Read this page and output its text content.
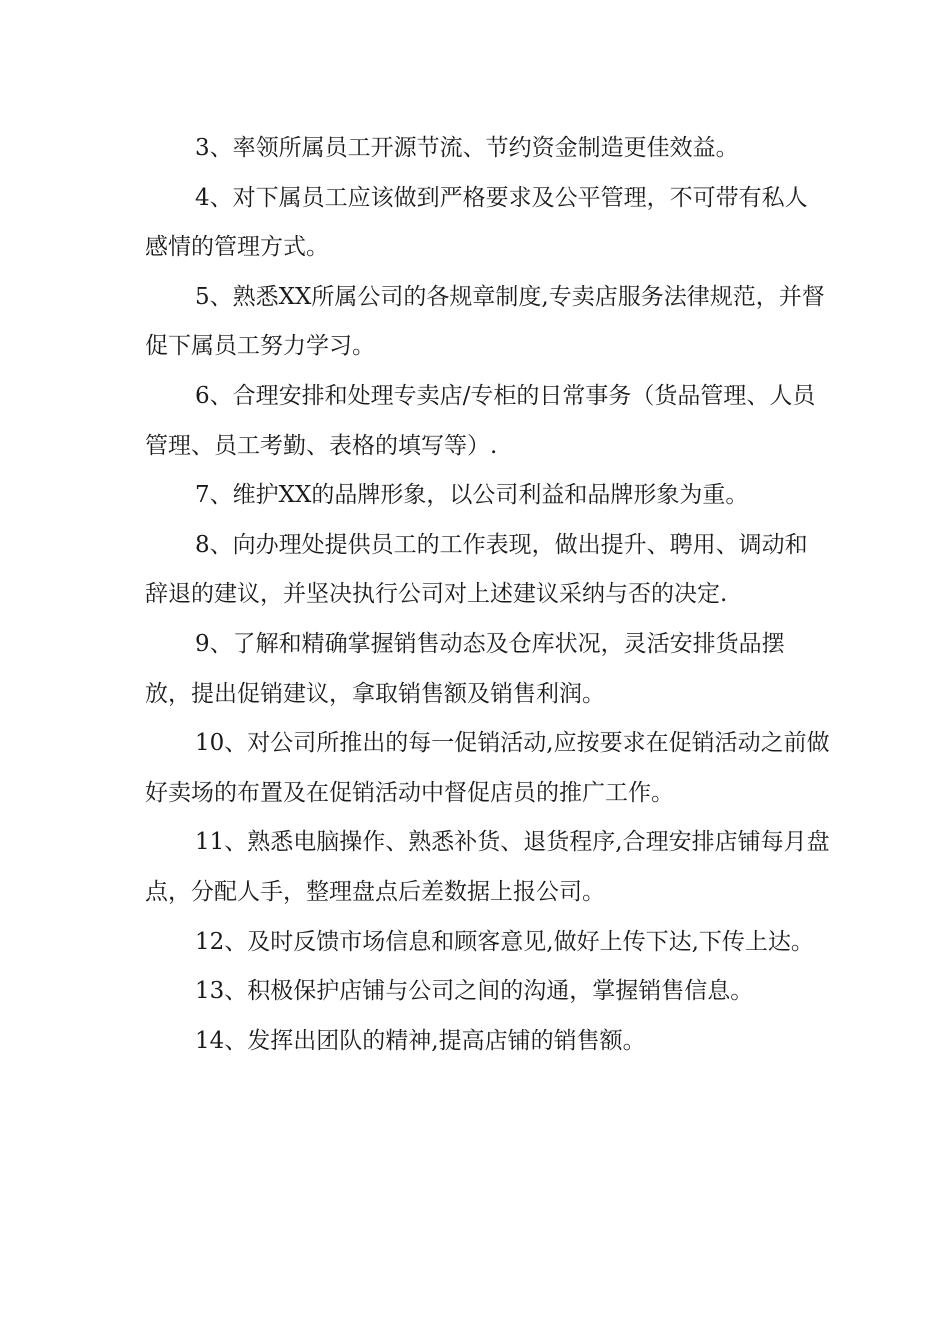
3、率领所属员工开源节流、节约资金制造更佳效益。

4、对下属员工应该做到严格要求及公平管理，不可带有私人感情的管理方式。

5、熟悉XX所属公司的各规章制度,专卖店服务法律规范，并督促下属员工努力学习。

6、合理安排和处理专卖店/专柜的日常事务（货品管理、人员管理、员工考勤、表格的填写等）.

7、维护XX的品牌形象，以公司利益和品牌形象为重。

8、向办理处提供员工的工作表现，做出提升、聘用、调动和辞退的建议，并坚决执行公司对上述建议采纳与否的决定.

9、了解和精确掌握销售动态及仓库状况，灵活安排货品摆放，提出促销建议，拿取销售额及销售利润。

10、对公司所推出的每一促销活动,应按要求在促销活动之前做好卖场的布置及在促销活动中督促店员的推广工作。

11、熟悉电脑操作、熟悉补货、退货程序,合理安排店铺每月盘点，分配人手，整理盘点后差数据上报公司。

12、及时反馈市场信息和顾客意见,做好上传下达,下传上达。

13、积极保护店铺与公司之间的沟通，掌握销售信息。

14、发挥出团队的精神,提高店铺的销售额。
